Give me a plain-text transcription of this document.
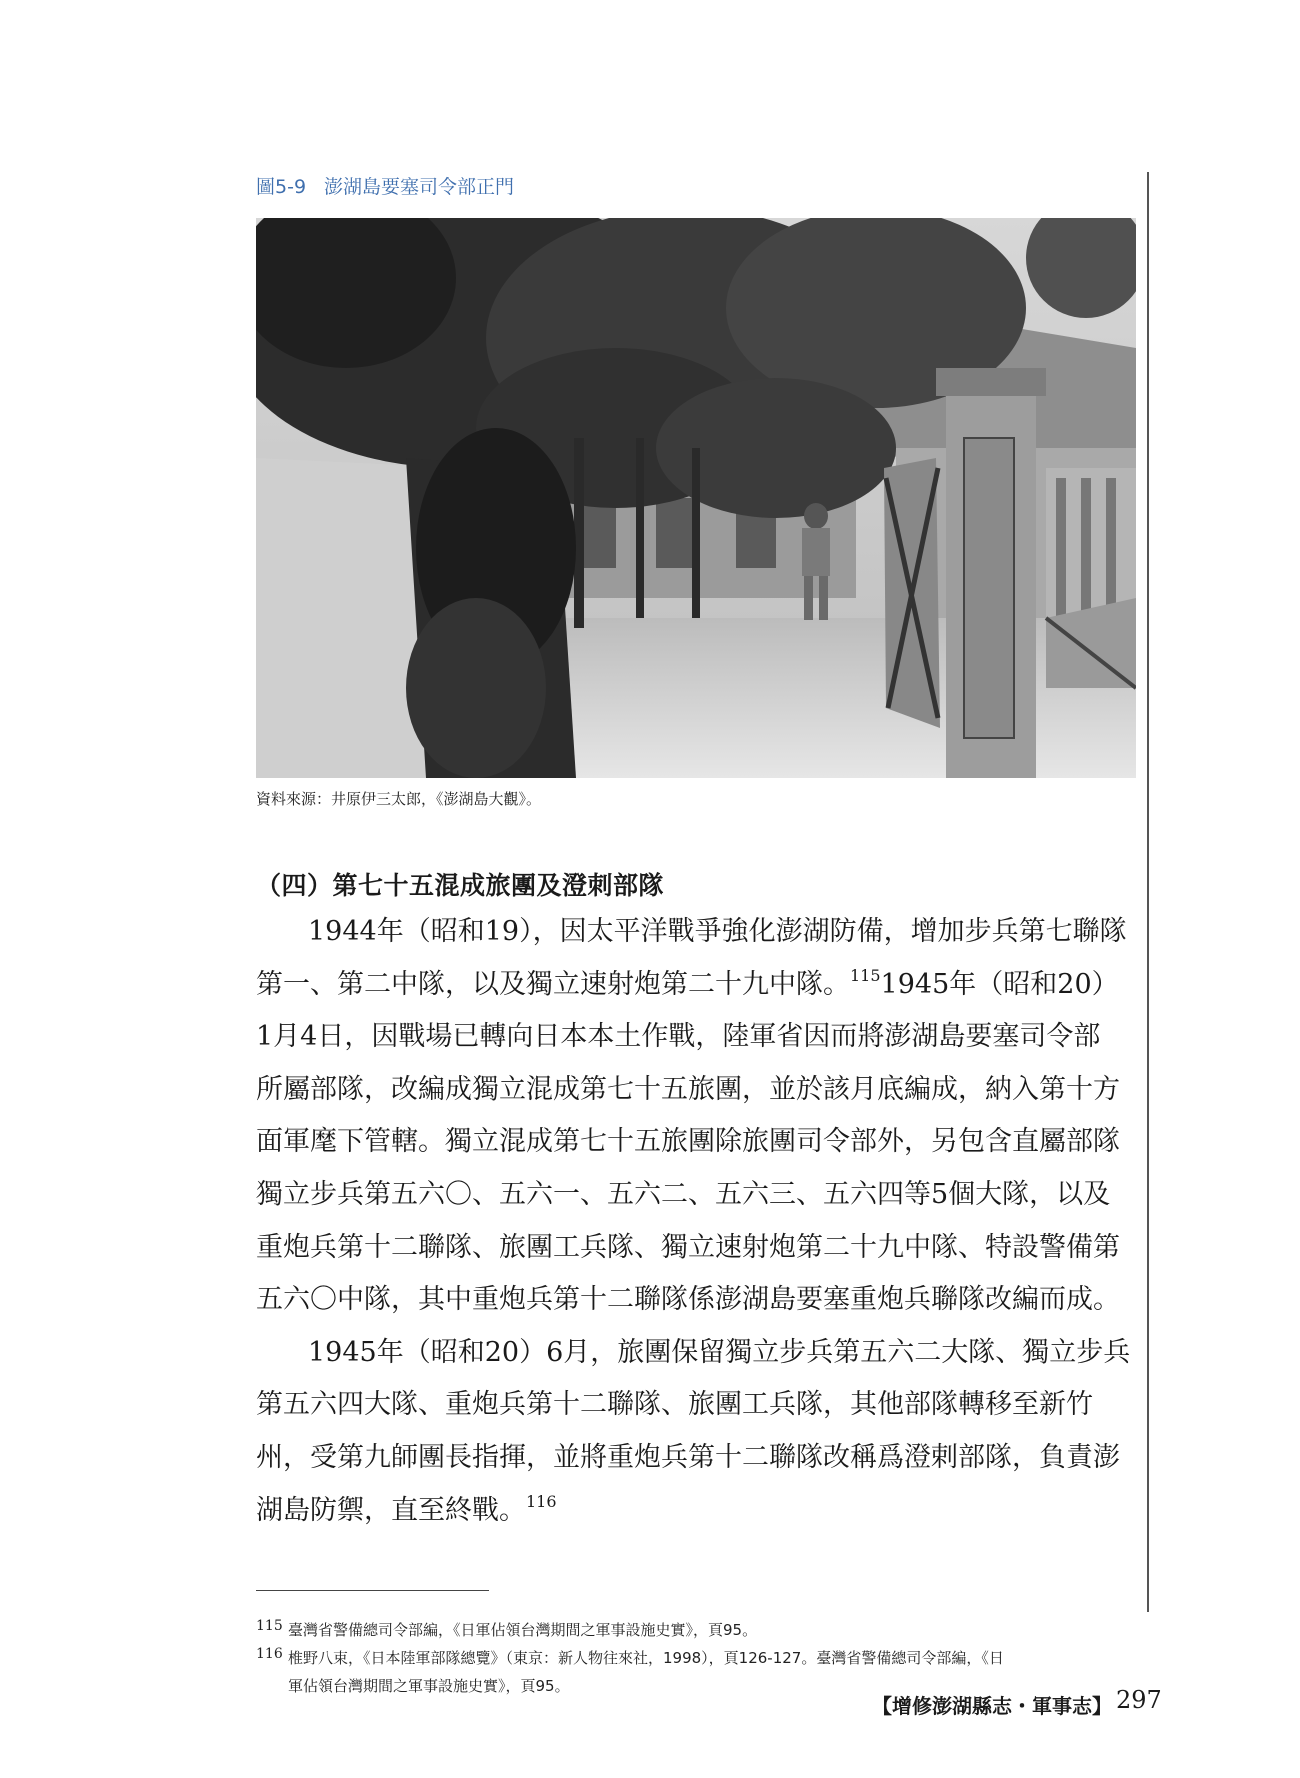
圖5-9 澎湖島要塞司令部正門
資料來源：井原伊三太郎，《澎湖島大觀》。
（四）第七十五混成旅團及澄刺部隊

1944年（昭和19），因太平洋戰爭強化澎湖防備，增加步兵第七聯隊
第一、第二中隊，以及獨立速射炮第二十九中隊。$^{115}$1945年（昭和20）
1月4日，因戰場已轉向日本本土作戰，陸軍省因而將澎湖島要塞司令部
所屬部隊，改編成獨立混成第七十五旅團，並於該月底編成，納入第十方
面軍麾下管轄。獨立混成第七十五旅團除旅團司令部外，另包含直屬部隊
獨立步兵第五六〇、五六一、五六二、五六三、五六四等5個大隊，以及
重炮兵第十二聯隊、旅團工兵隊、獨立速射炮第二十九中隊、特設警備第
五六〇中隊，其中重炮兵第十二聯隊係澎湖島要塞重炮兵聯隊改編而成。

1945年（昭和20）6月，旅團保留獨立步兵第五六二大隊、獨立步兵
第五六四大隊、重炮兵第十二聯隊、旅團工兵隊，其他部隊轉移至新竹
州，受第九師團長指揮，並將重炮兵第十二聯隊改稱爲澄剌部隊，負責澎
湖島防禦，直至終戰。$^{116}$

115 臺灣省警備總司令部編，《日軍佔領台灣期間之軍事設施史實》，頁95。
116 椎野八束，《日本陸軍部隊總覽》（東京：新人物往來社，1998），頁126-127。臺灣省警備總司令部編，《日
軍佔領台灣期間之軍事設施史實》，頁95。
【增修澎湖縣志・軍事志】 297
